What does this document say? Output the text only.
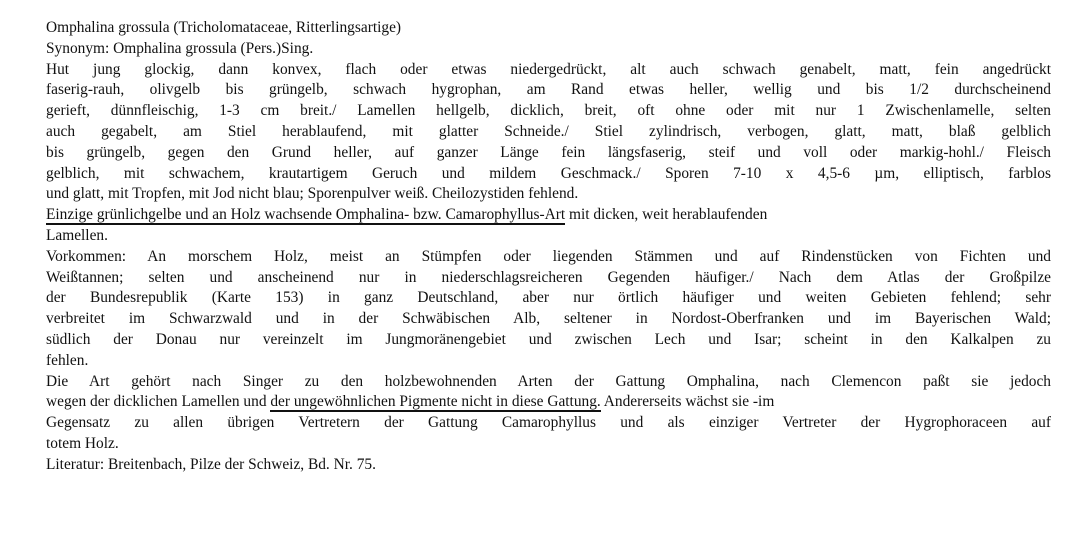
Omphalina grossula (Tricholomataceae, Ritterlingsartige)
Synonym: Omphalina grossula (Pers.)Sing.
Hut jung glockig, dann konvex, flach oder etwas niedergedrückt, alt auch schwach genabelt, matt, fein angedrückt
faserig-rauh, olivgelb bis grüngelb, schwach hygrophan, am Rand etwas heller, wellig und bis 1/2 durchscheinend
gerieft, dünnfleischig, 1-3 cm breit./ Lamellen hellgelb, dicklich, breit, oft ohne oder mit nur 1 Zwischenlamelle, selten
auch gegabelt, am Stiel herablaufend, mit glatter Schneide./ Stiel zylindrisch, verbogen, glatt, matt, blaß gelblich
bis grüngelb, gegen den Grund heller, auf ganzer Länge fein längsfaserig, steif und voll oder markig-hohl./ Fleisch
gelblich, mit schwachem, krautartigem Geruch und mildem Geschmack./ Sporen 7-10 x 4,5-6 µm, elliptisch, farblos
und glatt, mit Tropfen, mit Jod nicht blau; Sporenpulver weiß. Cheilozystiden fehlend.
Einzige grünlichgelbe und an Holz wachsende Omphalina- bzw. Camarophyllus-Art mit dicken, weit herablaufenden
Lamellen.
Vorkommen: An morschem Holz, meist an Stümpfen oder liegenden Stämmen und auf Rindenstücken von Fichten und
Weißtannen; selten und anscheinend nur in niederschlagsreicheren Gegenden häufiger./ Nach dem Atlas der Großpilze
der Bundesrepublik (Karte 153) in ganz Deutschland, aber nur örtlich häufiger und weiten Gebieten fehlend; sehr
verbreitet im Schwarzwald und in der Schwäbischen Alb, seltener in Nordost-Oberfranken und im Bayerischen Wald;
südlich der Donau nur vereinzelt im Jungmoränengebiet und zwischen Lech und Isar; scheint in den Kalkalpen zu
fehlen.
Die Art gehört nach Singer zu den holzbewohnenden Arten der Gattung Omphalina, nach Clemencon paßt sie jedoch
wegen der dicklichen Lamellen und der ungewöhnlichen Pigmente nicht in diese Gattung. Andererseits wächst sie -im
Gegensatz zu allen übrigen Vertretern der Gattung Camarophyllus und als einziger Vertreter der Hygrophoraceen auf
totem Holz.
Literatur: Breitenbach, Pilze der Schweiz, Bd. Nr. 75.
